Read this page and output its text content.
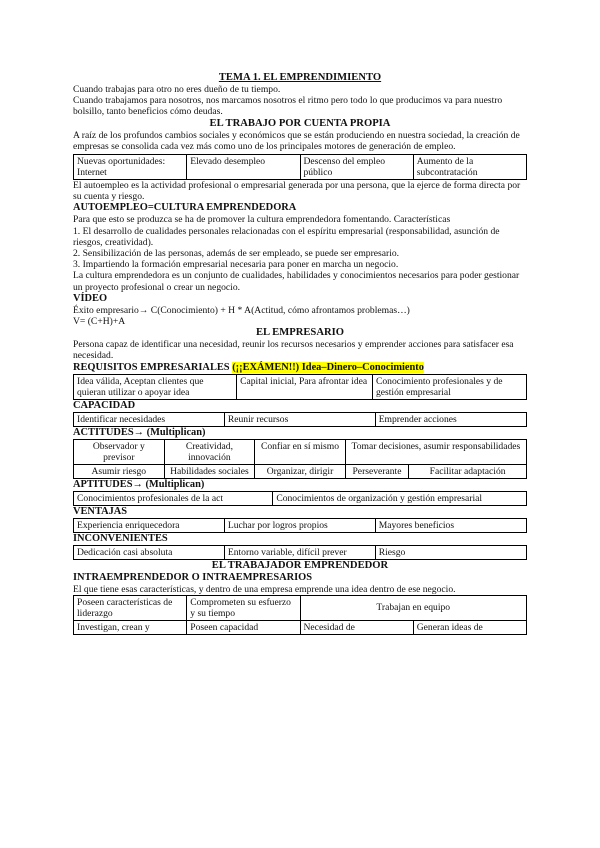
TEMA 1. EL EMPRENDIMIENTO

Cuando trabajas para otro no eres dueño de tu tiempo.

Cuando trabajamos para nosotros, nos marcamos nosotros el ritmo pero todo lo que producimos va para nuestro bolsillo, tanto beneficios cómo deudas.

EL TRABAJO POR CUENTA PROPIA

A raíz de los profundos cambios sociales y económicos que se están produciendo en nuestra sociedad, la creación de empresas se consolida cada vez más como uno de los principales motores de generación de empleo.

Nuevas oportunidades: Internet	Elevado desempleo	Descenso del empleo público	Aumento de la subcontratación

El autoempleo es la actividad profesional o empresarial generada por una persona, que la ejerce de forma directa por su cuenta y riesgo.

AUTOEMPLEO=CULTURA EMPRENDEDORA

Para que esto se produzca se ha de promover la cultura emprendedora fomentando. Características

1. El desarrollo de cualidades personales relacionadas con el espíritu empresarial (responsabilidad, asunción de riesgos, creatividad).

2. Sensibilización de las personas, además de ser empleado, se puede ser empresario.

3. Impartiendo la formación empresarial necesaria para poner en marcha un negocio.

La cultura emprendedora es un conjunto de cualidades, habilidades y conocimientos necesarios para poder gestionar un proyecto profesional o crear un negocio.

VÍDEO

Éxito empresario→ C(Conocimiento) + H * A(Actitud, cómo afrontamos problemas…)

V= (C+H)+A

EL EMPRESARIO

Persona capaz de identificar una necesidad, reunir los recursos necesarios y emprender acciones para satisfacer esa necesidad.

REQUISITOS EMPRESARIALES (¡¡EXÁMEN!!) Idea–Dinero–Conocimiento

Idea válida, Aceptan clientes que quieran utilizar o apoyar idea	Capital inicial, Para afrontar idea	Conocimiento profesionales y de gestión empresarial

CAPACIDAD

Identificar necesidades	Reunir recursos	Emprender acciones

ACTITUDES→ (Multiplican)

Observador y previsor	Creatividad, innovación	Confiar en sí mismo	Tomar decisiones, asumir responsabilidades	
Asumir riesgo	Habilidades sociales	Organizar, dirigir	Perseverante	Facilitar adaptación

APTITUDES→ (Multiplican)

Conocimientos profesionales de la act	Conocimientos de organización y gestión empresarial

VENTAJAS

Experiencia enriquecedora	Luchar por logros propios	Mayores beneficios

INCONVENIENTES

Dedicación casi absoluta	Entorno variable, difícil prever	Riesgo

EL TRABAJADOR EMPRENDEDOR

INTRAEMPRENDEDOR O INTRAEMPRESARIOS

El que tiene esas características, y dentro de una empresa emprende una idea dentro de ese negocio.

Poseen características de liderazgo	Comprometen su esfuerzo y su tiempo	Trabajan en equipo	
Investigan, crean y	Poseen capacidad	Necesidad de	Generan ideas de
